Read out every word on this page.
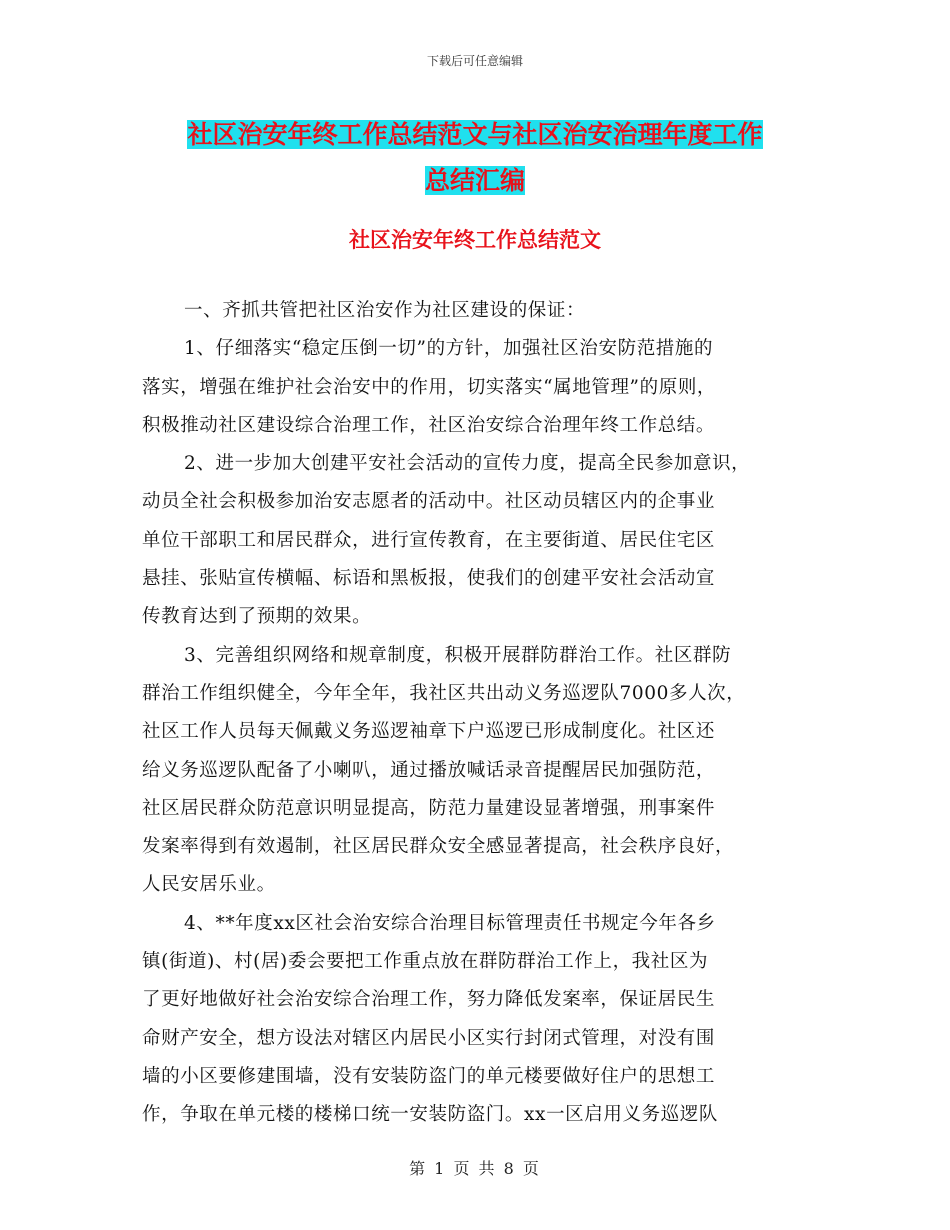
下载后可任意编辑
社区治安年终工作总结范文与社区治安治理年度工作
总结汇编
社区治安年终工作总结范文
一、齐抓共管把社区治安作为社区建设的保证：
1、仔细落实“稳定压倒一切”的方针，加强社区治安防范措施的
落实，增强在维护社会治安中的作用，切实落实“属地管理”的原则，
积极推动社区建设综合治理工作，社区治安综合治理年终工作总结。
2、进一步加大创建平安社会活动的宣传力度，提高全民参加意识，
动员全社会积极参加治安志愿者的活动中。社区动员辖区内的企事业
单位干部职工和居民群众，进行宣传教育，在主要街道、居民住宅区
悬挂、张贴宣传横幅、标语和黑板报，使我们的创建平安社会活动宣
传教育达到了预期的效果。
3、完善组织网络和规章制度，积极开展群防群治工作。社区群防
群治工作组织健全，今年全年，我社区共出动义务巡逻队7000多人次，
社区工作人员每天佩戴义务巡逻袖章下户巡逻已形成制度化。社区还
给义务巡逻队配备了小喇叭，通过播放喊话录音提醒居民加强防范，
社区居民群众防范意识明显提高，防范力量建设显著增强，刑事案件
发案率得到有效遏制，社区居民群众安全感显著提高，社会秩序良好，
人民安居乐业。
4、**年度xx区社会治安综合治理目标管理责任书规定今年各乡
镇(街道)、村(居)委会要把工作重点放在群防群治工作上，我社区为
了更好地做好社会治安综合治理工作，努力降低发案率，保证居民生
命财产安全，想方设法对辖区内居民小区实行封闭式管理，对没有围
墙的小区要修建围墙，没有安装防盗门的单元楼要做好住户的思想工
作，争取在单元楼的楼梯口统一安装防盗门。xx一区启用义务巡逻队
第 1 页 共 8 页
